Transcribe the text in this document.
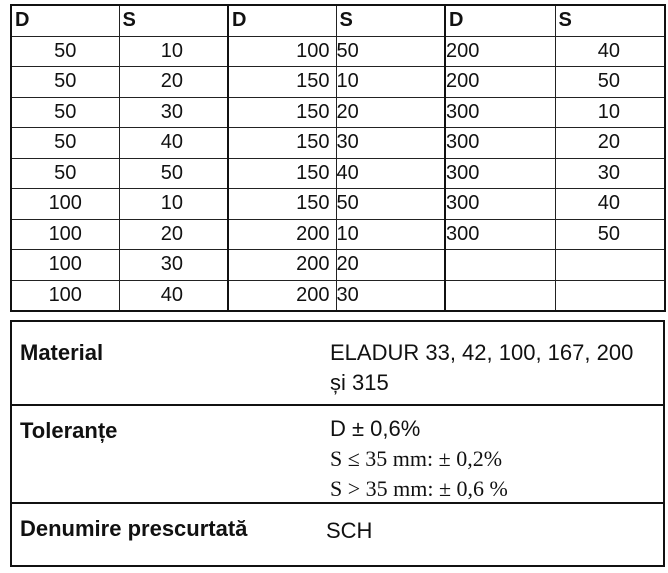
D	S	D	S	D	S
50	10	100	50	200	40
50	20	150	10	200	50
50	30	150	20	300	10
50	40	150	30	300	20
50	50	150	40	300	30
100	10	150	50	300	40
100	20	200	10	300	50
100	30	200	20		
100	40	200	30		
Material	ELADUR 33, 42, 100, 167, 200
și 315
Toleranțe	D ± 0,6%
S ≤ 35 mm: ± 0,2%
S > 35 mm: ± 0,6 %
Denumire prescurtată	SCH
